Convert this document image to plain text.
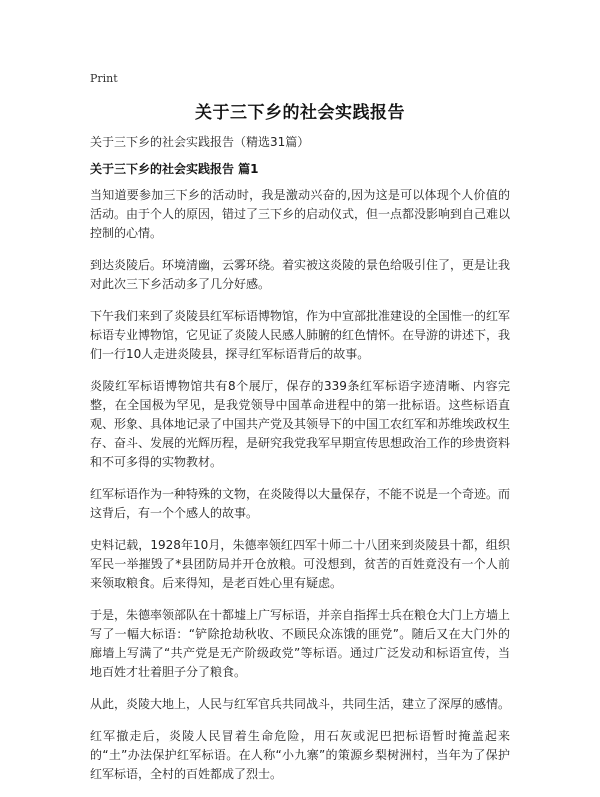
Print
关于三下乡的社会实践报告
关于三下乡的社会实践报告（精选31篇）
关于三下乡的社会实践报告 篇1

当知道要参加三下乡的活动时，我是激动兴奋的,因为这是可以体现个人价值的活动。由于个人的原因，错过了三下乡的启动仪式，但一点都没影响到自己难以控制的心情。

到达炎陵后。环境清幽，云雾环绕。着实被这炎陵的景色给吸引住了，更是让我对此次三下乡活动多了几分好感。

下午我们来到了炎陵县红军标语博物馆，作为中宣部批准建设的全国惟一的红军标语专业博物馆，它见证了炎陵人民感人肺腑的红色情怀。在导游的讲述下，我们一行10人走进炎陵县，探寻红军标语背后的故事。

炎陵红军标语博物馆共有8个展厅，保存的339条红军标语字迹清晰、内容完整，在全国极为罕见，是我党领导中国革命进程中的第一批标语。这些标语直观、形象、具体地记录了中国共产党及其领导下的中国工农红军和苏维埃政权生存、奋斗、发展的光辉历程，是研究我党我军早期宣传思想政治工作的珍贵资料和不可多得的实物教材。

红军标语作为一种特殊的文物，在炎陵得以大量保存，不能不说是一个奇迹。而这背后，有一个个感人的故事。

史料记载，1928年10月，朱德率领红四军十师二十八团来到炎陵县十都，组织军民一举摧毁了*县团防局并开仓放粮。可没想到，贫苦的百姓竟没有一个人前来领取粮食。后来得知，是老百姓心里有疑虑。

于是，朱德率领部队在十都墟上广写标语，并亲自指挥士兵在粮仓大门上方墙上写了一幅大标语：“铲除抢劫秋收、不顾民众冻饿的匪党”。随后又在大门外的廊墙上写满了“共产党是无产阶级政党”等标语。通过广泛发动和标语宣传，当地百姓才壮着胆子分了粮食。

从此，炎陵大地上，人民与红军官兵共同战斗，共同生活，建立了深厚的感情。

红军撤走后，炎陵人民冒着生命危险，用石灰或泥巴把标语暂时掩盖起来的“土”办法保护红军标语。在人称“小九寨”的策源乡梨树洲村，当年为了保护红军标语，全村的百姓都成了烈士。
